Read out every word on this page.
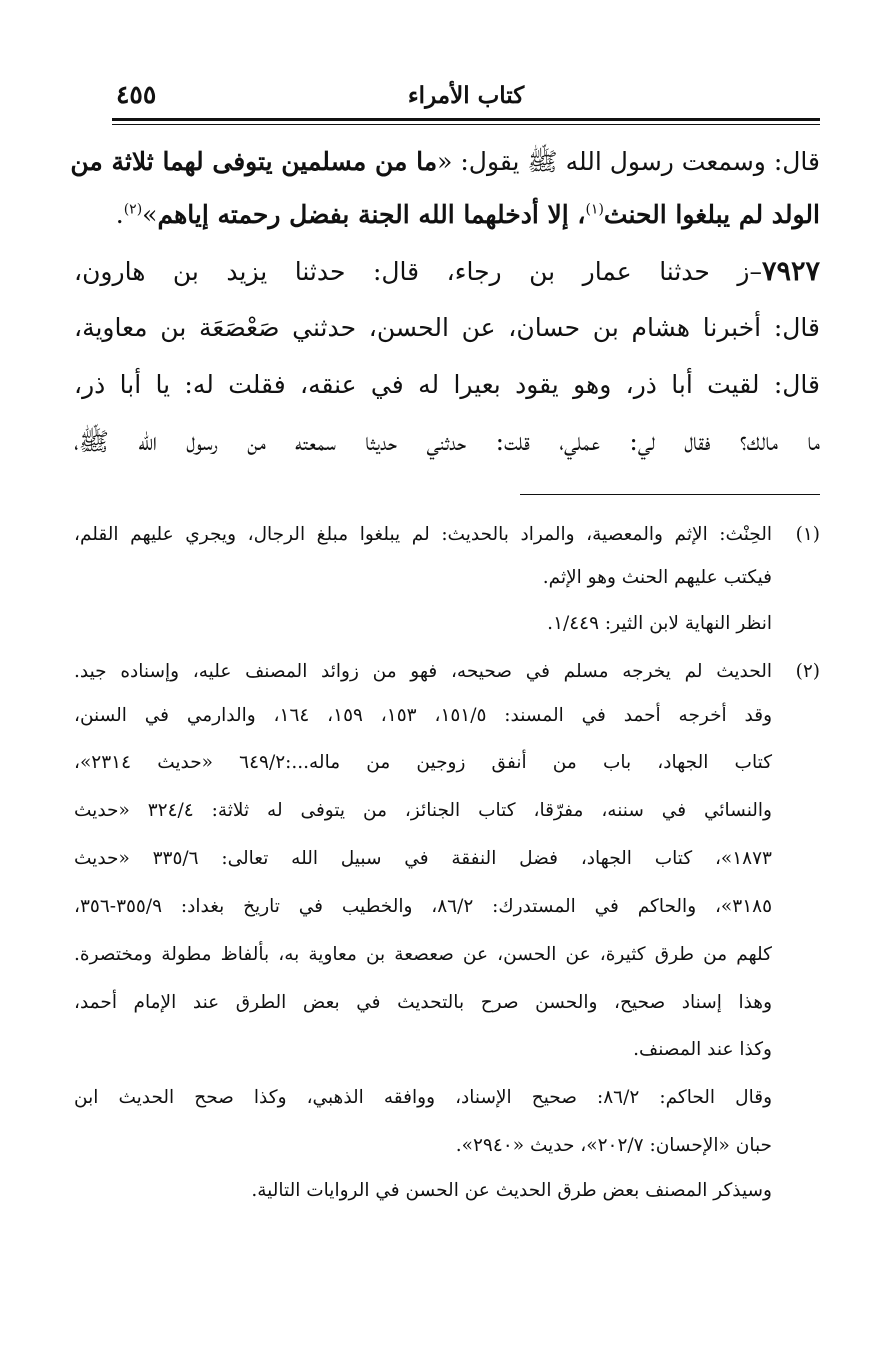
كتاب الأمراء
٤٥٥
قال: وسمعت رسول الله ﷺ يقول: «ما من مسلمين يتوفى لهما ثلاثة من
الولد لم يبلغوا الحنث$^{(١)}$، إلا أدخلهما الله الجنة بفضل رحمته إياهم»$^{(٢)}$.
٧٩٢٧–ز حدثنا عمار بن رجاء، قال: حدثنا يزيد بن هارون،
قال: أخبرنا هشام بن حسان، عن الحسن، حدثني صَعْصَعَة بن معاوية،
قال: لقيت أبا ذر، وهو يقود بعيرا له في عنقه، فقلت له: يا أبا ذر،
ما مالك؟ فقال لي: عملي، قلت: حدثني حديثا سمعته من رسول الله ﷺ،
(١)
الحِنْث: الإثم والمعصية، والمراد بالحديث: لم يبلغوا مبلغ الرجال، ويجري عليهم القلم،
فيكتب عليهم الحنث وهو الإثم.
انظر النهاية لابن الثير: ١/٤٤٩.
(٢)
الحديث لم يخرجه مسلم في صحيحه، فهو من زوائد المصنف عليه، وإسناده جيد.
وقد أخرجه أحمد في المسند: ١٥١/٥، ١٥٣، ١٥٩، ١٦٤، والدارمي في السنن،
كتاب الجهاد، باب من أنفق زوجين من ماله...:٦٤٩/٢ «حديث ٢٣١٤»،
والنسائي في سننه، مفرّقا، كتاب الجنائز، من يتوفى له ثلاثة: ٣٢٤/٤ «حديث
١٨٧٣»، كتاب الجهاد، فضل النفقة في سبيل الله تعالى: ٣٣٥/٦ «حديث
٣١٨٥»، والحاكم في المستدرك: ٨٦/٢، والخطيب في تاريخ بغداد: ٣٥٥/٩-٣٥٦،
كلهم من طرق كثيرة، عن الحسن، عن صعصعة بن معاوية به، بألفاظ مطولة ومختصرة.
وهذا إسناد صحيح، والحسن صرح بالتحديث في بعض الطرق عند الإمام أحمد،
وكذا عند المصنف.
وقال الحاكم: ٨٦/٢: صحيح الإسناد، ووافقه الذهبي، وكذا صحح الحديث ابن
حبان «الإحسان: ٢٠٢/٧»، حديث «٢٩٤٠».
وسيذكر المصنف بعض طرق الحديث عن الحسن في الروايات التالية.
